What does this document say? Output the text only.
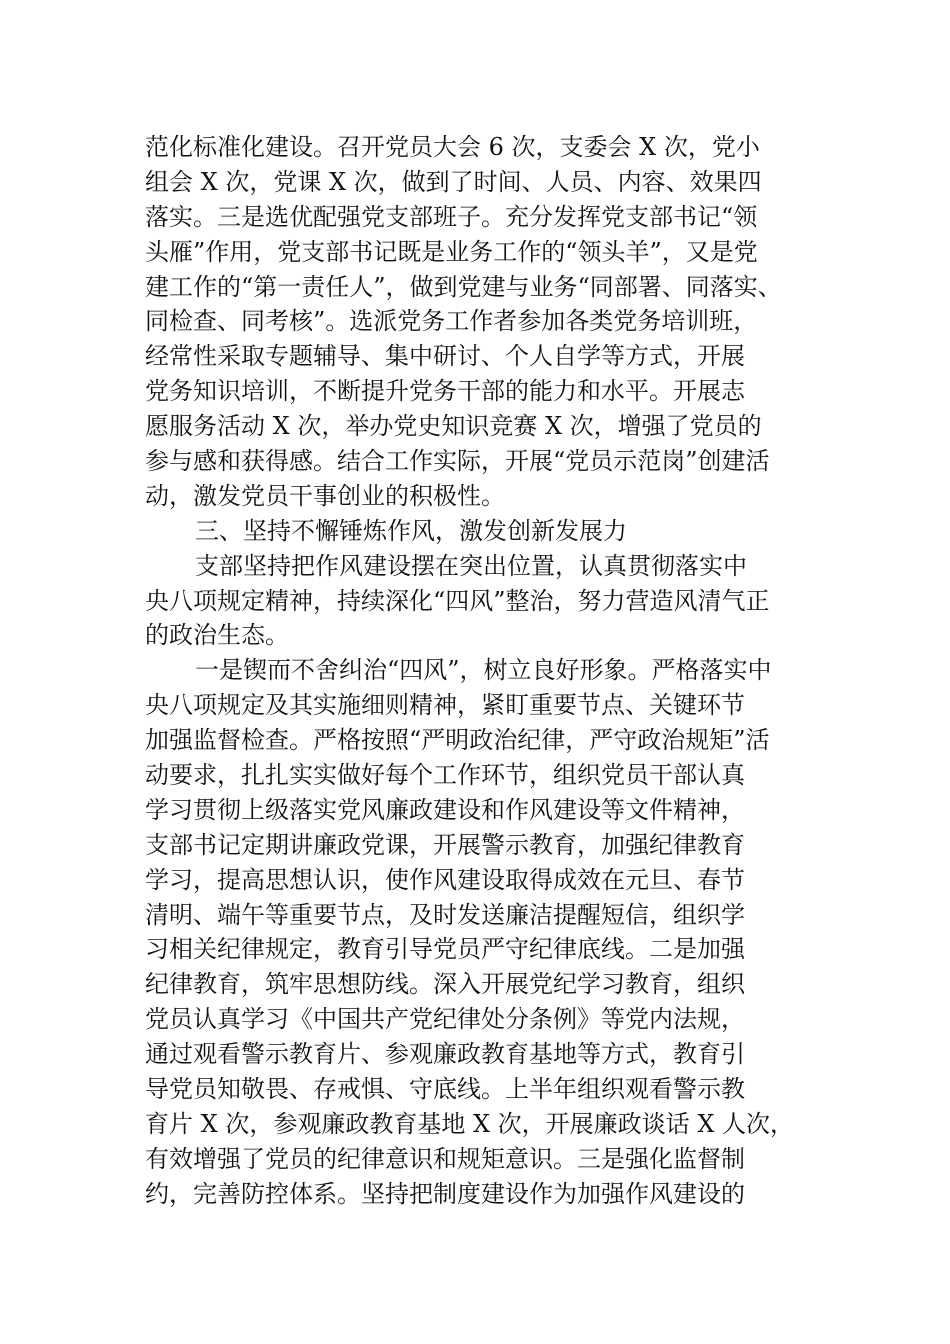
范化标准化建设。召开党员大会 6 次，支委会 X 次，党小
组会 X 次，党课 X 次，做到了时间、人员、内容、效果四
落实。三是选优配强党支部班子。充分发挥党支部书记“领
头雁”作用，党支部书记既是业务工作的“领头羊”，又是党
建工作的“第一责任人”，做到党建与业务“同部署、同落实、
同检查、同考核”。选派党务工作者参加各类党务培训班，
经常性采取专题辅导、集中研讨、个人自学等方式，开展
党务知识培训，不断提升党务干部的能力和水平。开展志
愿服务活动 X 次，举办党史知识竞赛 X 次，增强了党员的
参与感和获得感。结合工作实际，开展“党员示范岗”创建活
动，激发党员干事创业的积极性。
三、坚持不懈锤炼作风，激发创新发展力
支部坚持把作风建设摆在突出位置，认真贯彻落实中
央八项规定精神，持续深化“四风”整治，努力营造风清气正
的政治生态。
一是锲而不舍纠治“四风”，树立良好形象。严格落实中
央八项规定及其实施细则精神，紧盯重要节点、关键环节
加强监督检查。严格按照“严明政治纪律，严守政治规矩”活
动要求，扎扎实实做好每个工作环节，组织党员干部认真
学习贯彻上级落实党风廉政建设和作风建设等文件精神，
支部书记定期讲廉政党课，开展警示教育，加强纪律教育
学习，提高思想认识，使作风建设取得成效在元旦、春节
清明、端午等重要节点，及时发送廉洁提醒短信，组织学
习相关纪律规定，教育引导党员严守纪律底线。二是加强
纪律教育，筑牢思想防线。深入开展党纪学习教育，组织
党员认真学习《中国共产党纪律处分条例》等党内法规，
通过观看警示教育片、参观廉政教育基地等方式，教育引
导党员知敬畏、存戒惧、守底线。上半年组织观看警示教
育片 X 次，参观廉政教育基地 X 次，开展廉政谈话 X 人次，
有效增强了党员的纪律意识和规矩意识。三是强化监督制
约，完善防控体系。坚持把制度建设作为加强作风建设的
